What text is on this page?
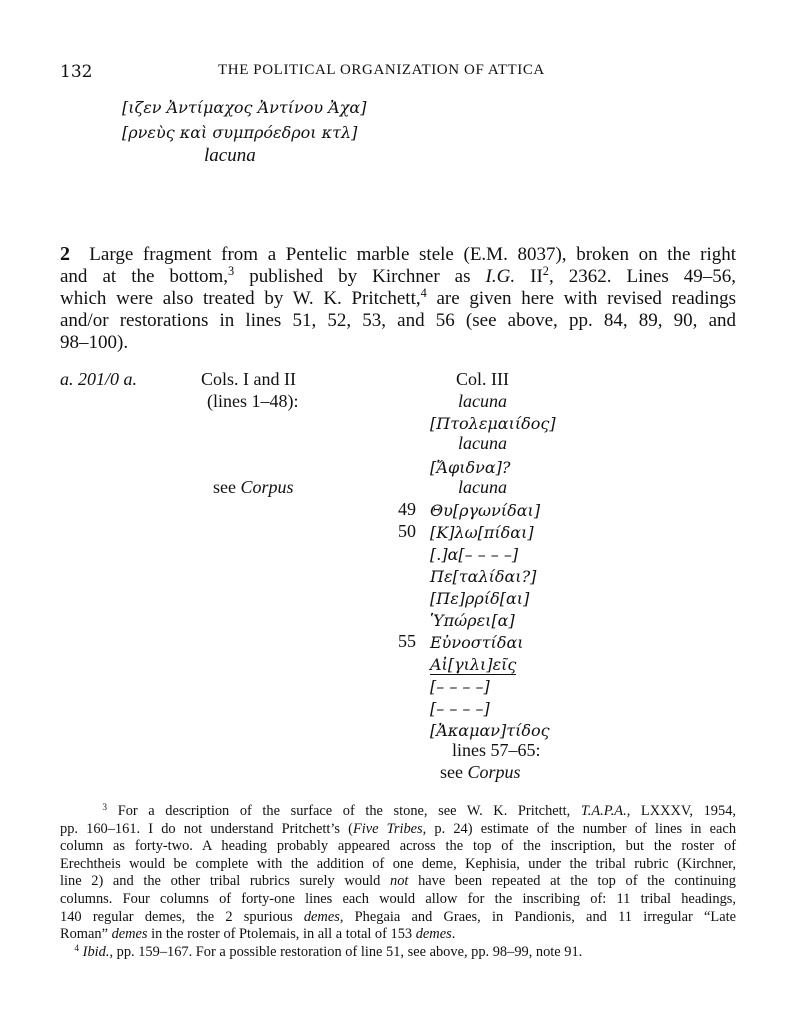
132	THE POLITICAL ORGANIZATION OF ATTICA
[ιζεν Ἀντίμαχος Ἀντίνου Ἀχα]
[ρνεὺς καὶ συμπρόεδροι κτλ]
lacuna
2 Large fragment from a Pentelic marble stele (E.M. 8037), broken on the right
and at the bottom,$^3$ published by Kirchner as I.G. $II^2$, 2362. Lines 49–56,
which were also treated by W. K. Pritchett,$^4$ are given here with revised readings
and/or restorations in lines 51, 52, 53, and 56 (see above, pp. 84, 89, 90, and
98–100).
a. 201/0 a.	Cols. I and II
(lines 1–48):
see Corpus
Col. III
lacuna
[Πτολεμαιίδος]
lacuna
[Ἄφιδνα]?
lacuna
49 Θυ[ργωνίδαι]
50 [Κ]λω[πίδαι]
[.]α[– – – –]
Πε[ταλίδαι?]
[Πε]ρρίδ[αι]
Ὑπώρει[α]
55 Εὐνοστίδαι
Αἰ[γιλι]εῖς
[– – – –]
[– – – –]
[Ἀκαμαν]τίδος
lines 57–65:
see Corpus
$^3$ For a description of the surface of the stone, see W. K. Pritchett, T.A.P.A., LXXXV, 1954,
pp. 160–161. I do not understand Pritchett’s (Five Tribes, p. 24) estimate of the number of lines in each
column as forty-two. A heading probably appeared across the top of the inscription, but the roster of
Erechtheis would be complete with the addition of one deme, Kephisia, under the tribal rubric (Kirchner,
line 2) and the other tribal rubrics surely would not have been repeated at the top of the continuing
columns. Four columns of forty-one lines each would allow for the inscribing of: 11 tribal headings,
140 regular demes, the 2 spurious demes, Phegaia and Graes, in Pandionis, and 11 irregular “Late
Roman” demes in the roster of Ptolemais, in all a total of 153 demes.
$^4$ Ibid., pp. 159–167. For a possible restoration of line 51, see above, pp. 98–99, note 91.
